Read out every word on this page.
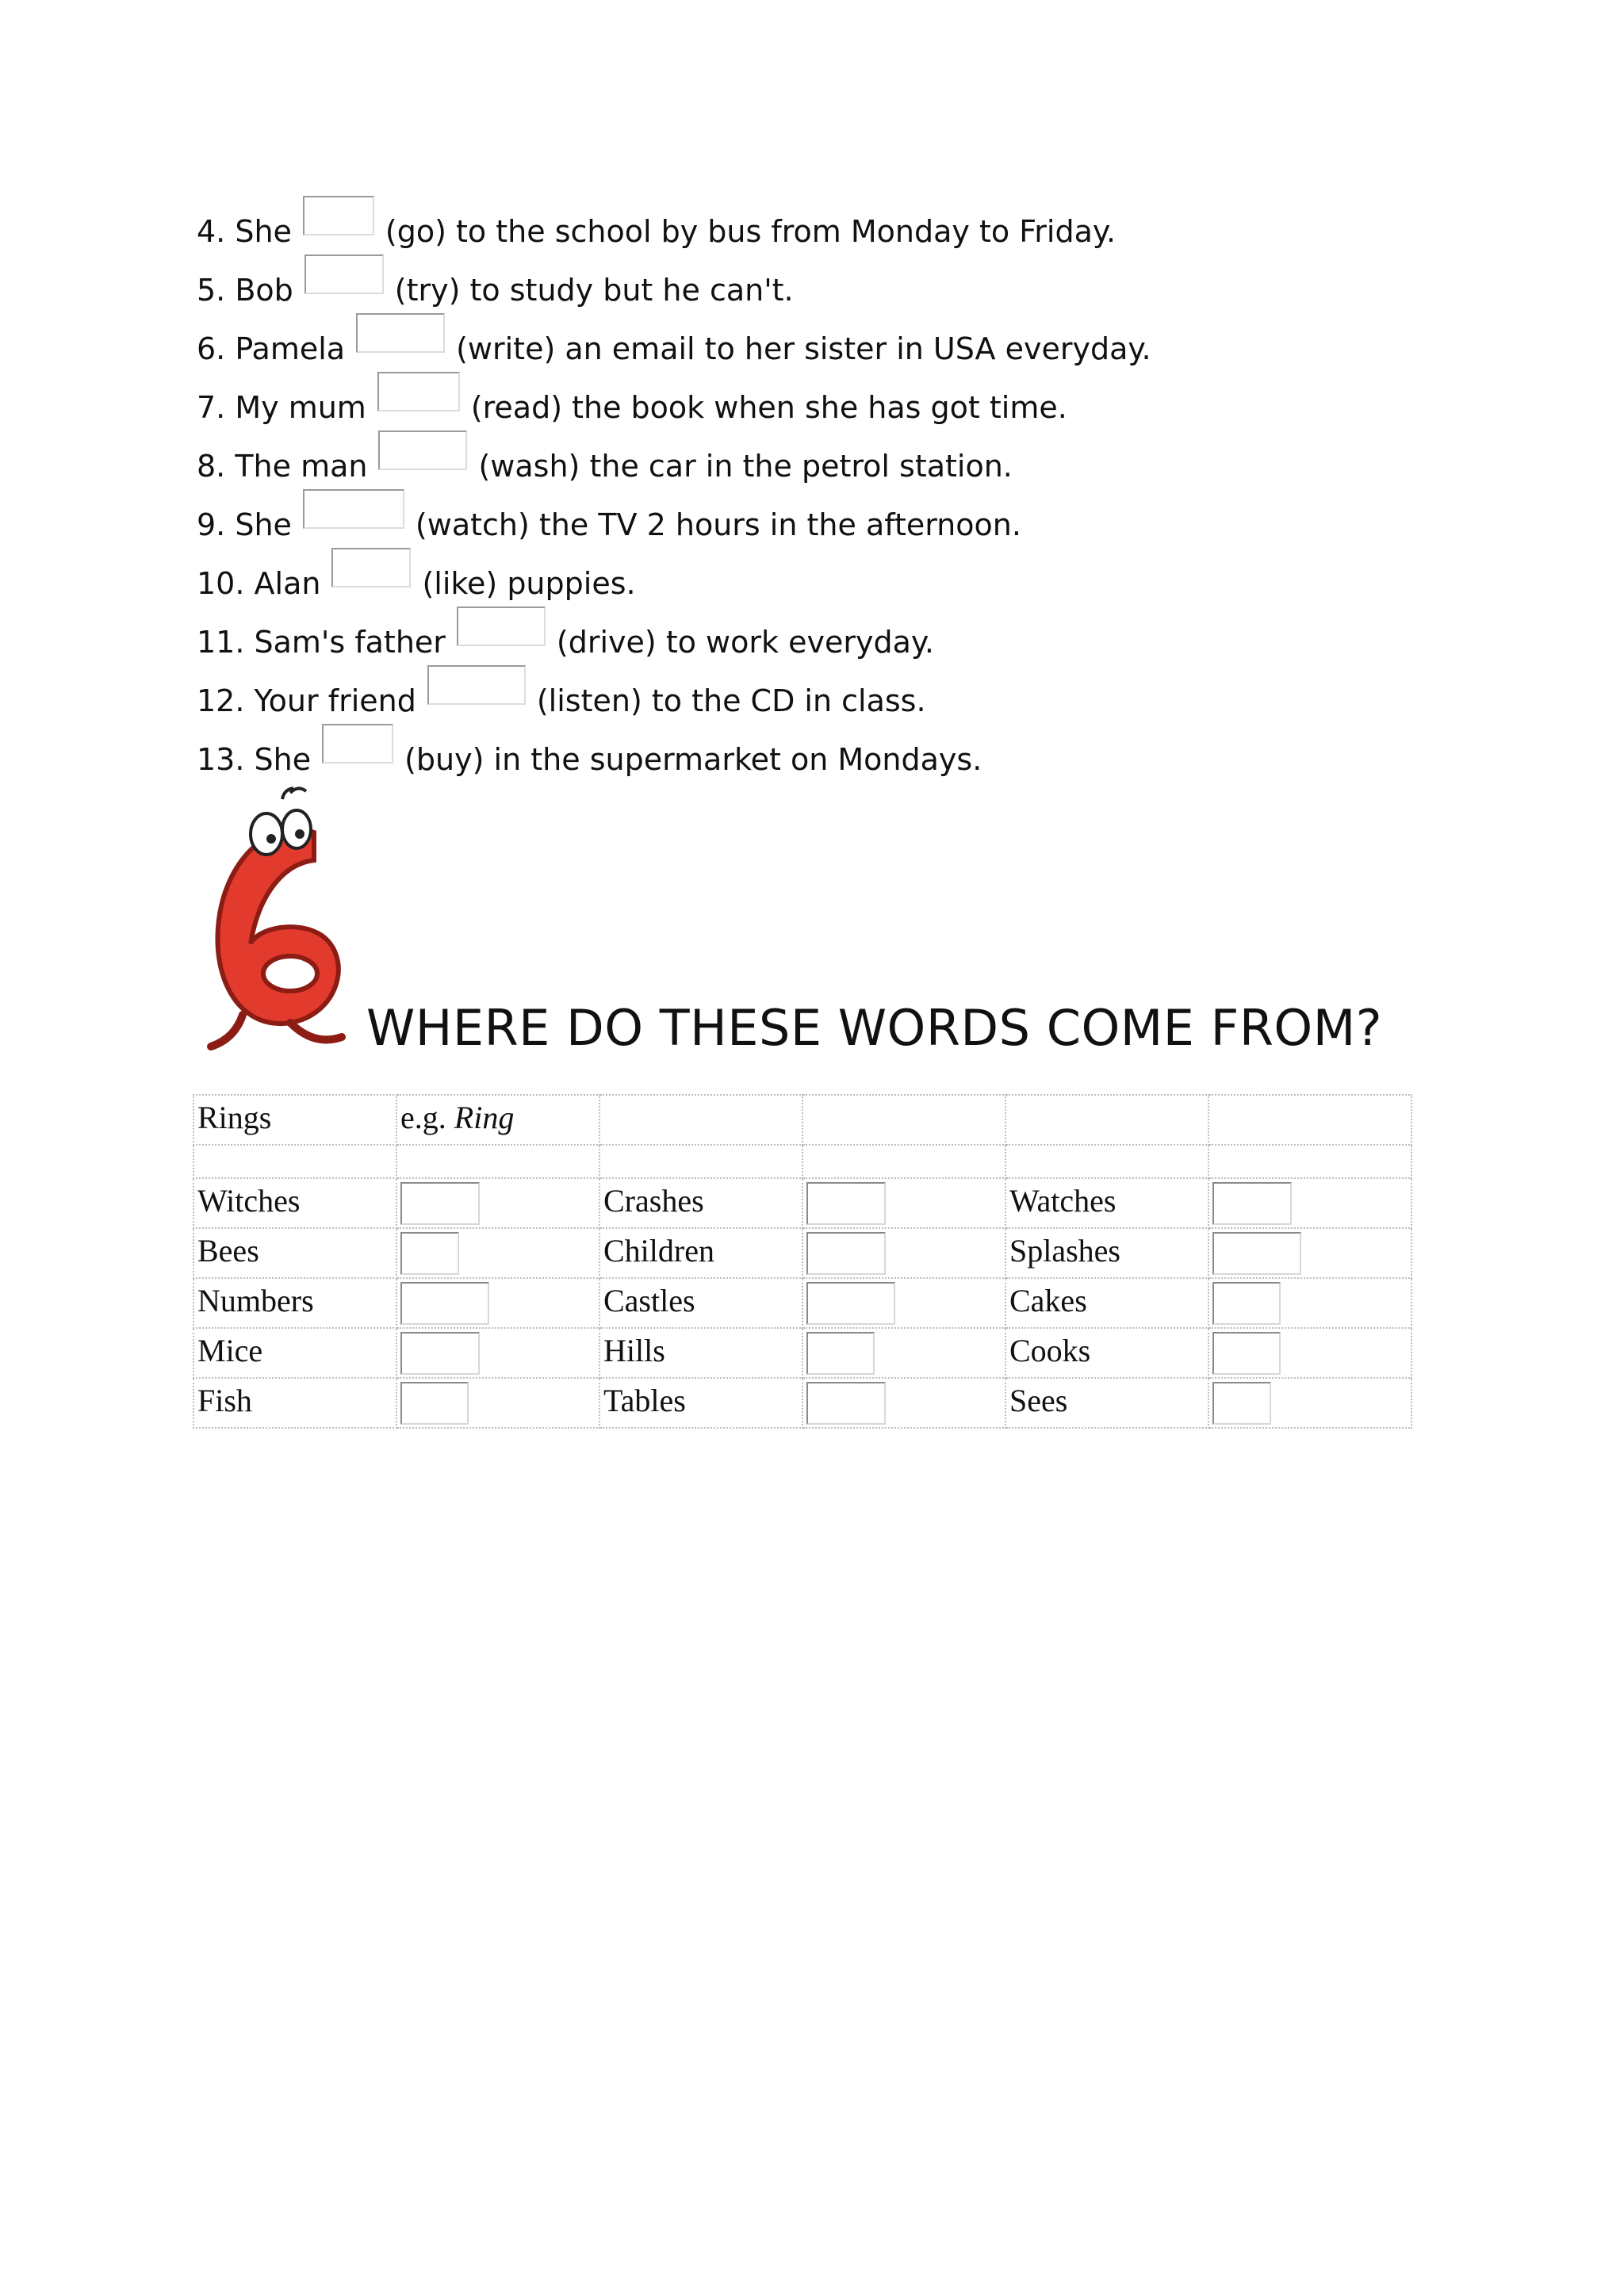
4. She	(go) to the school by bus from Monday to Friday.
5. Bob	(try) to study but he can't.
6. Pamela	(write) an email to her sister in USA everyday.
7. My mum	(read) the book when she has got time.
8. The man	(wash) the car in the petrol station.
9. She	(watch) the TV 2 hours in the afternoon.
10. Alan	(like) puppies.
11. Sam's father	(drive) to work everyday.
12. Your friend	(listen) to the CD in class.
13. She	(buy) in the supermarket on Mondays.
6
WHERE DO THESE WORDS COME FROM?
Rings	e.g. Ring				

Witches		Crashes		Watches	

Bees		Children		Splashes	

Numbers		Castles		Cakes	

Mice		Hills		Cooks	

Fish		Tables		Sees	
